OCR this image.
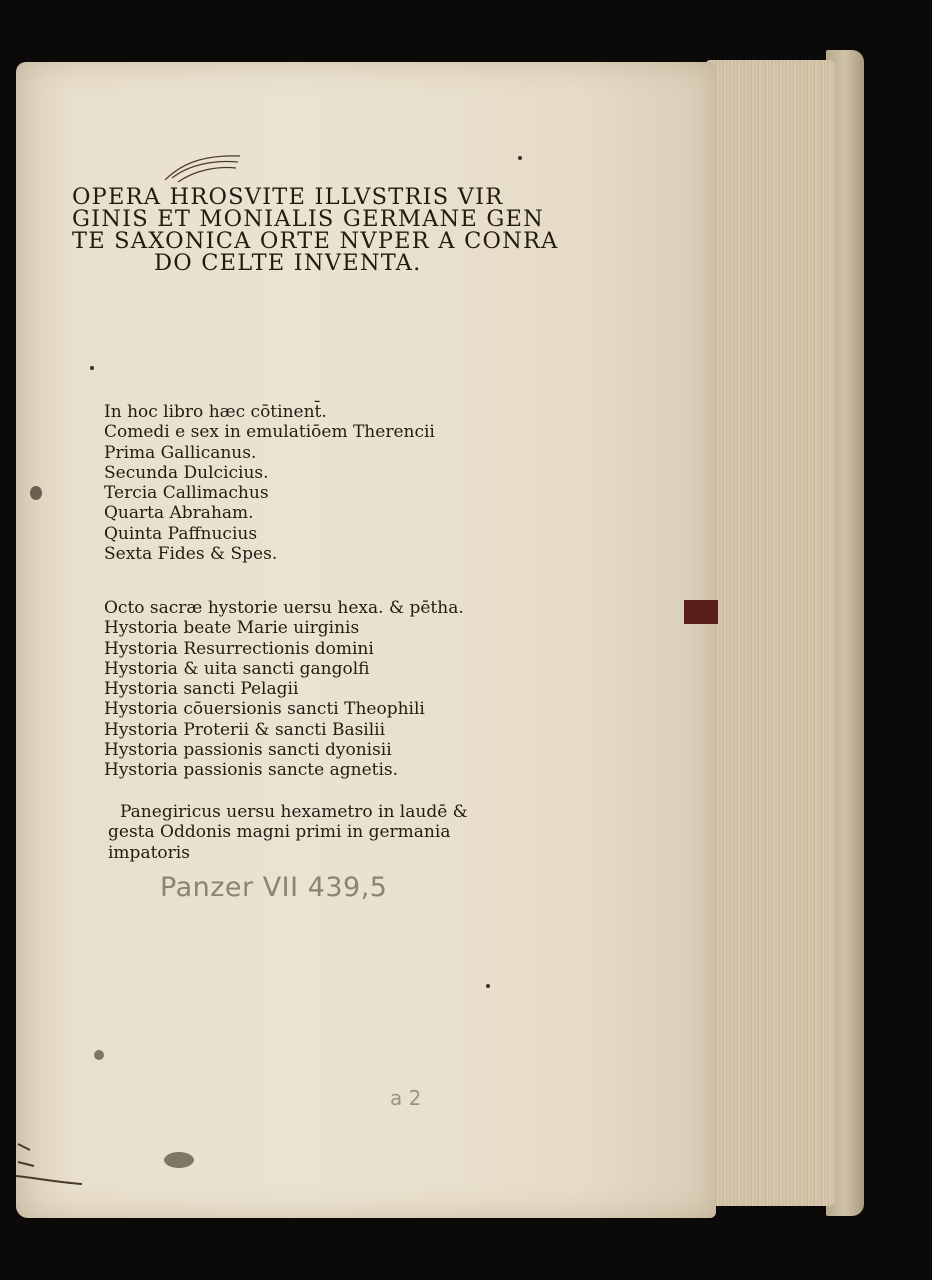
OPERA HROSVITE ILLVSTRIS VIR
GINIS ET MONIALIS GERMANE GEN
TE SAXONICA ORTE NVPER A CONRA
DO CELTE INVENTA.
In hoc libro hæc cōtinent̄.
Comedi e sex in emulatiōem Therencii
Prima Gallicanus.
Secunda Dulcicius.
Tercia Callimachus
Quarta Abraham.
Quinta Paffnucius
Sexta Fides & Spes.
Octo sacræ hystorie uersu hexa. & pētha.
Hystoria beate Marie uirginis
Hystoria Resurrectionis domini
Hystoria & uita sancti gangolfi
Hystoria sancti Pelagii
Hystoria cōuersionis sancti Theophili
Hystoria Proterii & sancti Basilii
Hystoria passionis sancti dyonisii
Hystoria passionis sancte agnetis.
Panegiricus uersu hexametro in laudē &
gesta Oddonis magni primi in germania
impatoris
Panzer VII 439,5
a 2
